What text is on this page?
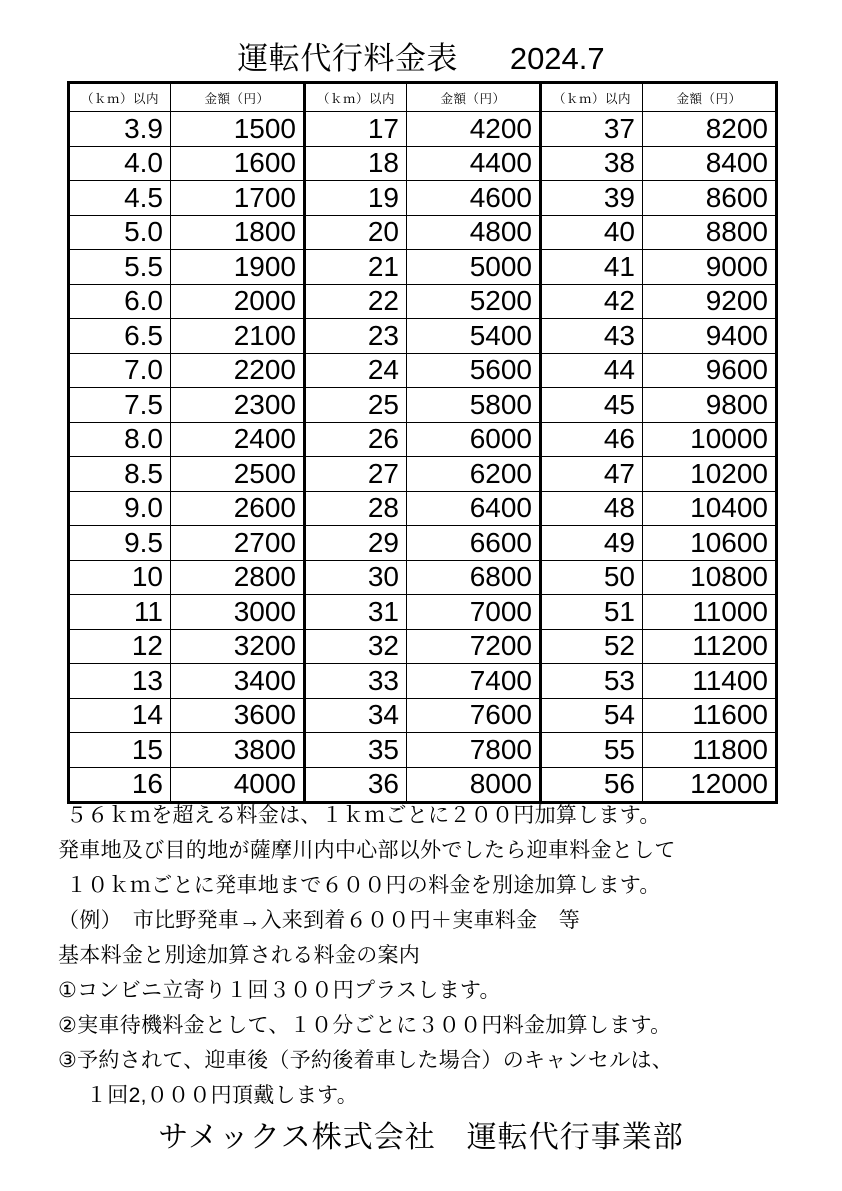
運転代行料金表 2024.7
（ｋｍ）以内	金額（円）	（ｋｍ）以内	金額（円）	（ｋｍ）以内	金額（円）
3.9	1500	17	4200	37	8200
4.0	1600	18	4400	38	8400
4.5	1700	19	4600	39	8600
5.0	1800	20	4800	40	8800
5.5	1900	21	5000	41	9000
6.0	2000	22	5200	42	9200
6.5	2100	23	5400	43	9400
7.0	2200	24	5600	44	9600
7.5	2300	25	5800	45	9800
8.0	2400	26	6000	46	10000
8.5	2500	27	6200	47	10200
9.0	2600	28	6400	48	10400
9.5	2700	29	6600	49	10600
10	2800	30	6800	50	10800
11	3000	31	7000	51	11000
12	3200	32	7200	52	11200
13	3400	33	7400	53	11400
14	3600	34	7600	54	11600
15	3800	35	7800	55	11800
16	4000	36	8000	56	12000
５６ｋｍを超える料金は、１ｋｍごとに２００円加算します。
発車地及び目的地が薩摩川内中心部以外でしたら迎車料金として
１０ｋｍごとに発車地まで６００円の料金を別途加算します。
（例）　市比野発車→入来到着６００円＋実車料金　等
基本料金と別途加算される料金の案内
①コンビニ立寄り１回３００円プラスします。
②実車待機料金として、１０分ごとに３００円料金加算します。
③予約されて、迎車後（予約後着車した場合）のキャンセルは、
１回2,０００円頂戴します。
サメックス株式会社　運転代行事業部
